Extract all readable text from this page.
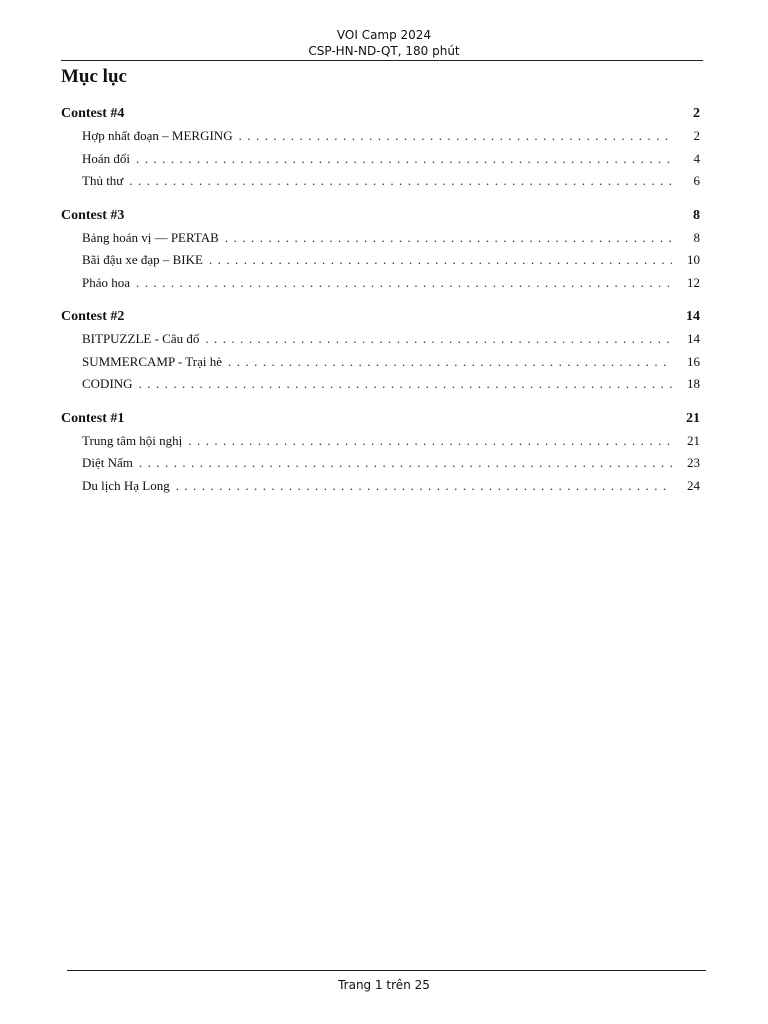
VOI Camp 2024
CSP-HN-ND-QT, 180 phút
Mục lục
Contest #4	2
Hợp nhất đoạn – MERGING . . .	2
Hoán đổi . . .	4
Thủ thư . . .	6
Contest #3	8
Bảng hoán vị — PERTAB . . .	8
Bãi đậu xe đạp – BIKE . . .	10
Pháo hoa . . .	12
Contest #2	14
BITPUZZLE - Câu đố . . .	14
SUMMERCAMP - Trại hè . . .	16
CODING . . .	18
Contest #1	21
Trung tâm hội nghị . . .	21
Diệt Nấm . . .	23
Du lịch Hạ Long . . .	24
Trang 1 trên 25
